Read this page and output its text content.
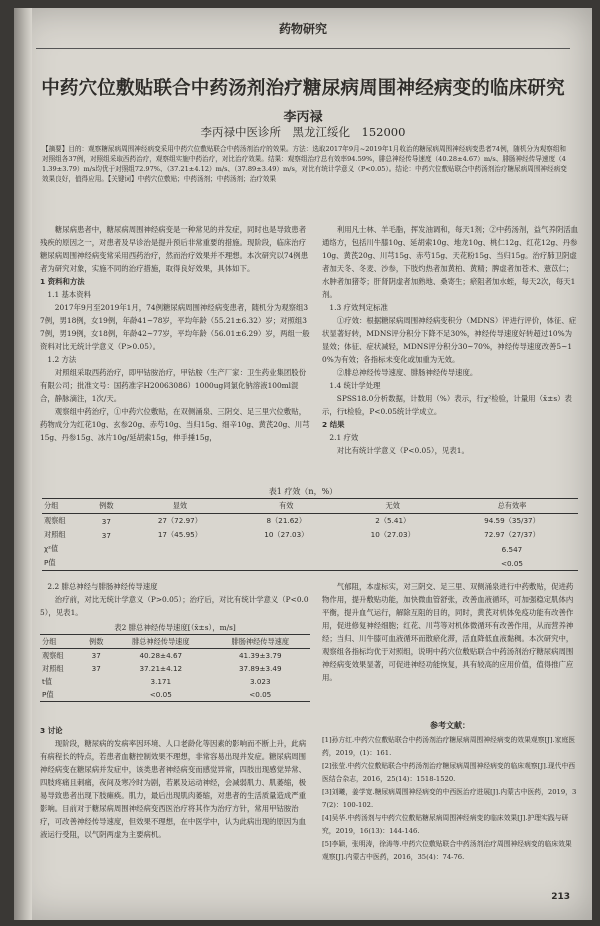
药物研究
中药穴位敷贴联合中药汤剂治疗糖尿病周围神经病变的临床研究
李丙禄
李丙禄中医诊所　黑龙江绥化　152000
【摘要】目的：观察糖尿病周围神经病变采用中药穴位敷贴联合中药汤剂治疗的效果。方法：选取2017年9月~2019年1月收治的糖尿病周围神经病变患者74例，随机分为观察组和对照组各37例，对照组采取西药治疗，观察组实施中药治疗，对比治疗效果。结果：观察组治疗总有效率94.59%，腓总神经传导速度（40.28±4.67）m/s、腓肠神经传导速度（41.39±3.79）m/s均优于对照组72.97%、（37.21±4.12）m/s、（37.89±3.49）m/s，对比有统计学意义（P<0.05）。结论：中药穴位敷贴联合中药汤剂治疗糖尿病周围神经病变效果良好，值得应用。【关键词】中药穴位敷贴；中药汤剂；中药汤剂；治疗效果

糖尿病患者中，糖尿病周围神经病变是一种常见的并发症，同时也是导致患者残疾的原因之一，对患者及早诊治是提升预后非常重要的措施。现阶段，临床治疗糖尿病周围神经病变常采用西药治疗，然而治疗效果并不理想。本次研究以74例患者为研究对象，实施不同的治疗措施，取得良好效果，具体如下。

1 资料和方法

1.1 基本资料

2017年9月至2019年1月，74例糖尿病周围神经病变患者，随机分为观察组37例，男18例，女19例，年龄41~78岁，平均年龄（55.21±6.32）岁；对照组37例，男19例，女18例，年龄42~77岁，平均年龄（56.01±6.29）岁，两组一般资料对比无统计学意义（P>0.05）。

1.2 方法

对照组采取西药治疗，即甲钴胺治疗，甲钴胺（生产厂家：卫生药业集团股份有限公司；批准文号：国药准字H20063086）1000ug同氯化钠溶液100ml混合，静脉滴注，1次/天。

观察组中药治疗，①中药穴位敷贴，在双侧涌泉、三阴交、足三里穴位敷贴，药物成分为红花10g、玄参20g、赤芍10g、当归15g、细辛10g、黄芪20g、川芎15g、丹参15g、冰片10g/延胡索15g，伸手捶15g，

利用凡士林、羊毛脂，挥发油调和，每天1剂；②中药汤剂，益气养阴活血通络方，包括川牛膝10g、延胡索10g、地龙10g、桃仁12g、红花12g、丹参10g、黄芪20g、川芎15g、赤芍15g、天花粉15g、当归15g。治疗肺卫阴虚者加天冬、冬麦、沙参，下肢灼热者加黄柏、黄精；脾虚者加苍术、薏苡仁；水肿者加猪苓；肝肾阴虚者加熟地、桑寄生；瘀阻者加水蛭，每天2次，每天1剂。

1.3 疗效判定标准

①疗效：根据糖尿病周围神经病变积分（MDNS）评进行评价，体征、症状显著好转，MDNS评分积分下降不足30%，神经传导速度好转超过10%为显效；体征、症状减轻，MDNS评分积分30~70%，神经传导速度改善5~10%为有效；各指标未变化或加重为无效。

②腓总神经传导速度、腓肠神经传导速度。

1.4 统计学处理

SPSS18.0分析数据，计数用（%）表示，行χ²检验，计量用（x̄±s）表示，行t检验，P<0.05统计学成立。

2 结果

2.1 疗效

对比有统计学意义（P<0.05），见表1。

表1 疗效（n，%）
分组	例数	显效	有效	无效	总有效率
观察组	37	27（72.97）	8（21.62）	2（5.41）	94.59（35/37）
对照组	37	17（45.95）	10（27.03）	10（27.03）	72.97（27/37）
χ²值					6.547
P值					<0.05

2.2 腓总神经与腓肠神经传导速度

治疗前，对比无统计学意义（P>0.05）；治疗后，对比有统计学意义（P<0.05），见表1。

表2 腓总神经传导速度[（x̄±s），m/s]
分组	例数	腓总神经传导速度	腓肠神经传导速度
观察组	37	40.28±4.67	41.39±3.79
对照组	37	37.21±4.12	37.89±3.49
t值		3.171	3.023
P值		<0.05	<0.05

3 讨论

现阶段，糖尿病的发病率因环境、人口老龄化等因素的影响而不断上升，此病有病程长的特点，若患者血糖控制效果不理想，非常容易出现并发症。糖尿病周围神经病变在糖尿病并发症中，该类患者神经病变而感觉异常，四肢出现感觉异常、四肢疼痛且刺痛，夜间及寒冷时为剧，若累及运动神经，会减弱肌力、肌萎缩，极易导致患者出现下肢瘫痪。肌力，最后出现肌肉萎缩，对患者的生活质量造成严重影响。目前对于糖尿病周围神经病变西医治疗将其作为治疗方针，常用甲钴胺治疗，可改善神经传导速度，但效果不理想，在中医学中，认为此病出现的原因为血液运行受阻，以气阴两虚为主要病机。

气郁阻，本虚标实，对三阴交、足三里、双侧涌泉进行中药敷贴，促进药物作用，提升敷贴功能，加快微血管舒张，改善血液循环，可加强稳定肌体内平衡，提升血气运行，解除互阻的目的，同时，黄芪对机体免疫功能有改善作用，促进修复神经细胞；红花、川芎等对机体微循环有改善作用，从而营养神经；当归、川牛膝可血液循环而散瘀化滞，活血降低血液黏稠。本次研究中，观察组各指标均优于对照组，说明中药穴位敷贴联合中药汤剂治疗糖尿病周围神经病变效果显著，可促进神经功能恢复，具有较高的应用价值，值得推广应用。

参考文献：
[1]孙方红.中药穴位敷贴联合中药汤剂治疗糖尿病周围神经病变的效果观察[J].家庭医药，2019，(1)：161.
[2]张莹.中药穴位敷贴联合中药汤剂治疗糖尿病周围神经病变的临床观察[J].现代中西医结合杂志，2016，25(14)：1518-1520.
[3]刘曦，姜学宽.糖尿病周围神经病变的中西医治疗进展[J].内蒙古中医药，2019，37(2)：100-102.
[4]吴华.中药汤剂与中药穴位敷贴糖尿病周围神经病变的临床效果[J].护理实践与研究，2019，16(13)：144-146.
[5]李颖，张明涛，徐涛等.中药穴位敷贴联合中药汤剂治疗周围神经病变的临床效果观察[J].内蒙古中医药，2016，35(4)：74-76.
213
